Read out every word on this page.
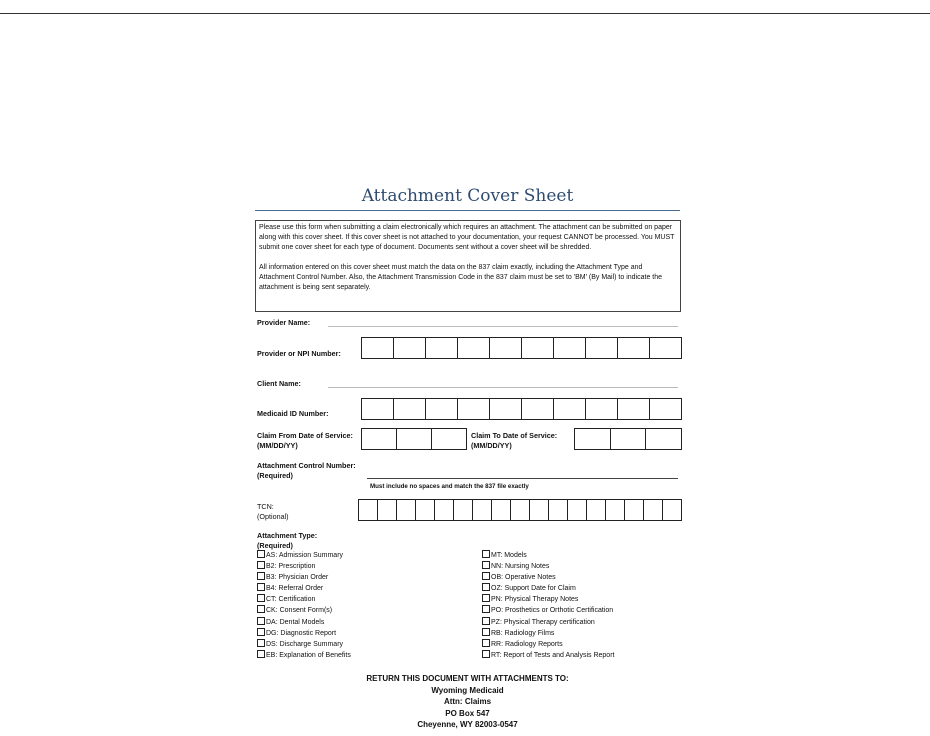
Attachment Cover Sheet

Please use this form when submitting a claim electronically which requires an attachment. The attachment can be submitted on paper along with this cover sheet. If this cover sheet is not attached to your documentation, your request CANNOT be processed. You MUST submit one cover sheet for each type of document. Documents sent without a cover sheet will be shredded.

All information entered on this cover sheet must match the data on the 837 claim exactly, including the Attachment Type and Attachment Control Number. Also, the Attachment Transmission Code in the 837 claim must be set to 'BM' (By Mail) to indicate the attachment is being sent separately.

Provider Name:
Provider or NPI Number:
Client Name:
Medicaid ID Number:
Claim From Date of Service:
(MM/DD/YY)
Claim To Date of Service:
(MM/DD/YY)
Attachment Control Number:
(Required)
Must include no spaces and match the 837 file exactly
TCN:
(Optional)
Attachment Type:
(Required)
AS: Admission Summary
B2: Prescription
B3: Physician Order
B4: Referral Order
CT: Certification
CK: Consent Form(s)
DA: Dental Models
DG: Diagnostic Report
DS: Discharge Summary
EB: Explanation of Benefits
MT: Models
NN: Nursing Notes
OB: Operative Notes
OZ: Support Date for Claim
PN: Physical Therapy Notes
PO: Prosthetics or Orthotic Certification
PZ: Physical Therapy certification
RB: Radiology Films
RR: Radiology Reports
RT: Report of Tests and Analysis Report
RETURN THIS DOCUMENT WITH ATTACHMENTS TO:
Wyoming Medicaid
Attn: Claims
PO Box 547
Cheyenne, WY 82003-0547
